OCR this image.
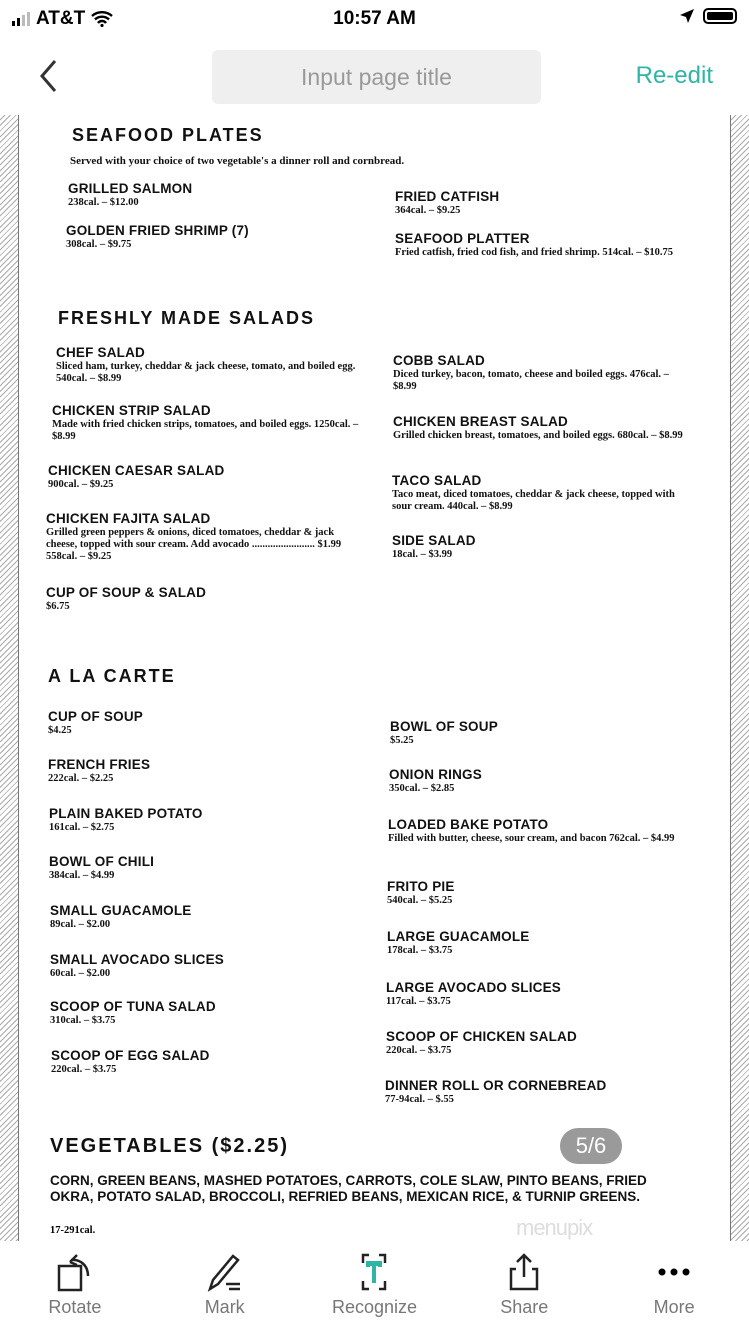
AT&T	10:57 AM
Input page title
Re-edit
VEGETABLES ($2.25)
CORN, GREEN BEANS, MASHED POTATOES, CARROTS, COLE SLAW, PINTO BEANS, FRIED OKRA, POTATO SALAD, BROCCOLI, REFRIED BEANS, MEXICAN RICE, & TURNIP GREENS.
17-291cal.	menupix
SEAFOOD PLATES
Served with your choice of two vegetable's a dinner roll and cornbread.
GRILLED SALMON
238cal. – $12.00
GOLDEN FRIED SHRIMP (7)
308cal. – $9.75
FRIED CATFISH
364cal. – $9.25
SEAFOOD PLATTER
Fried catfish, fried cod fish, and fried shrimp. 514cal. – $10.75
FRESHLY MADE SALADS
CHEF SALAD
Sliced ham, turkey, cheddar & jack cheese, tomato, and boiled egg. 540cal. – $8.99
CHICKEN STRIP SALAD
Made with fried chicken strips, tomatoes, and boiled eggs. 1250cal. – $8.99
CHICKEN CAESAR SALAD
900cal. – $9.25
CHICKEN FAJITA SALAD
Grilled green peppers & onions, diced tomatoes, cheddar & jack cheese, topped with sour cream. Add avocado ........................ $1.99 558cal. – $9.25
CUP OF SOUP & SALAD
$6.75
COBB SALAD
Diced turkey, bacon, tomato, cheese and boiled eggs. 476cal. – $8.99
CHICKEN BREAST SALAD
Grilled chicken breast, tomatoes, and boiled eggs. 680cal. – $8.99
TACO SALAD
Taco meat, diced tomatoes, cheddar & jack cheese, topped with sour cream. 440cal. – $8.99
SIDE SALAD
18cal. – $3.99
A LA CARTE
CUP OF SOUP
$4.25
FRENCH FRIES
222cal. – $2.25
PLAIN BAKED POTATO
161cal. – $2.75
BOWL OF CHILI
384cal. – $4.99
SMALL GUACAMOLE
89cal. – $2.00
SMALL AVOCADO SLICES
60cal. – $2.00
SCOOP OF TUNA SALAD
310cal. – $3.75
SCOOP OF EGG SALAD
220cal. – $3.75
BOWL OF SOUP
$5.25
ONION RINGS
350cal. – $2.85
LOADED BAKE POTATO
Filled with butter, cheese, sour cream, and bacon 762cal. – $4.99
FRITO PIE
540cal. – $5.25
LARGE GUACAMOLE
178cal. – $3.75
LARGE AVOCADO SLICES
117cal. – $3.75
SCOOP OF CHICKEN SALAD
220cal. – $3.75
DINNER ROLL OR CORNEBREAD
77-94cal. – $.55
5/6
Rotate	Mark	Recognize	Share	More
